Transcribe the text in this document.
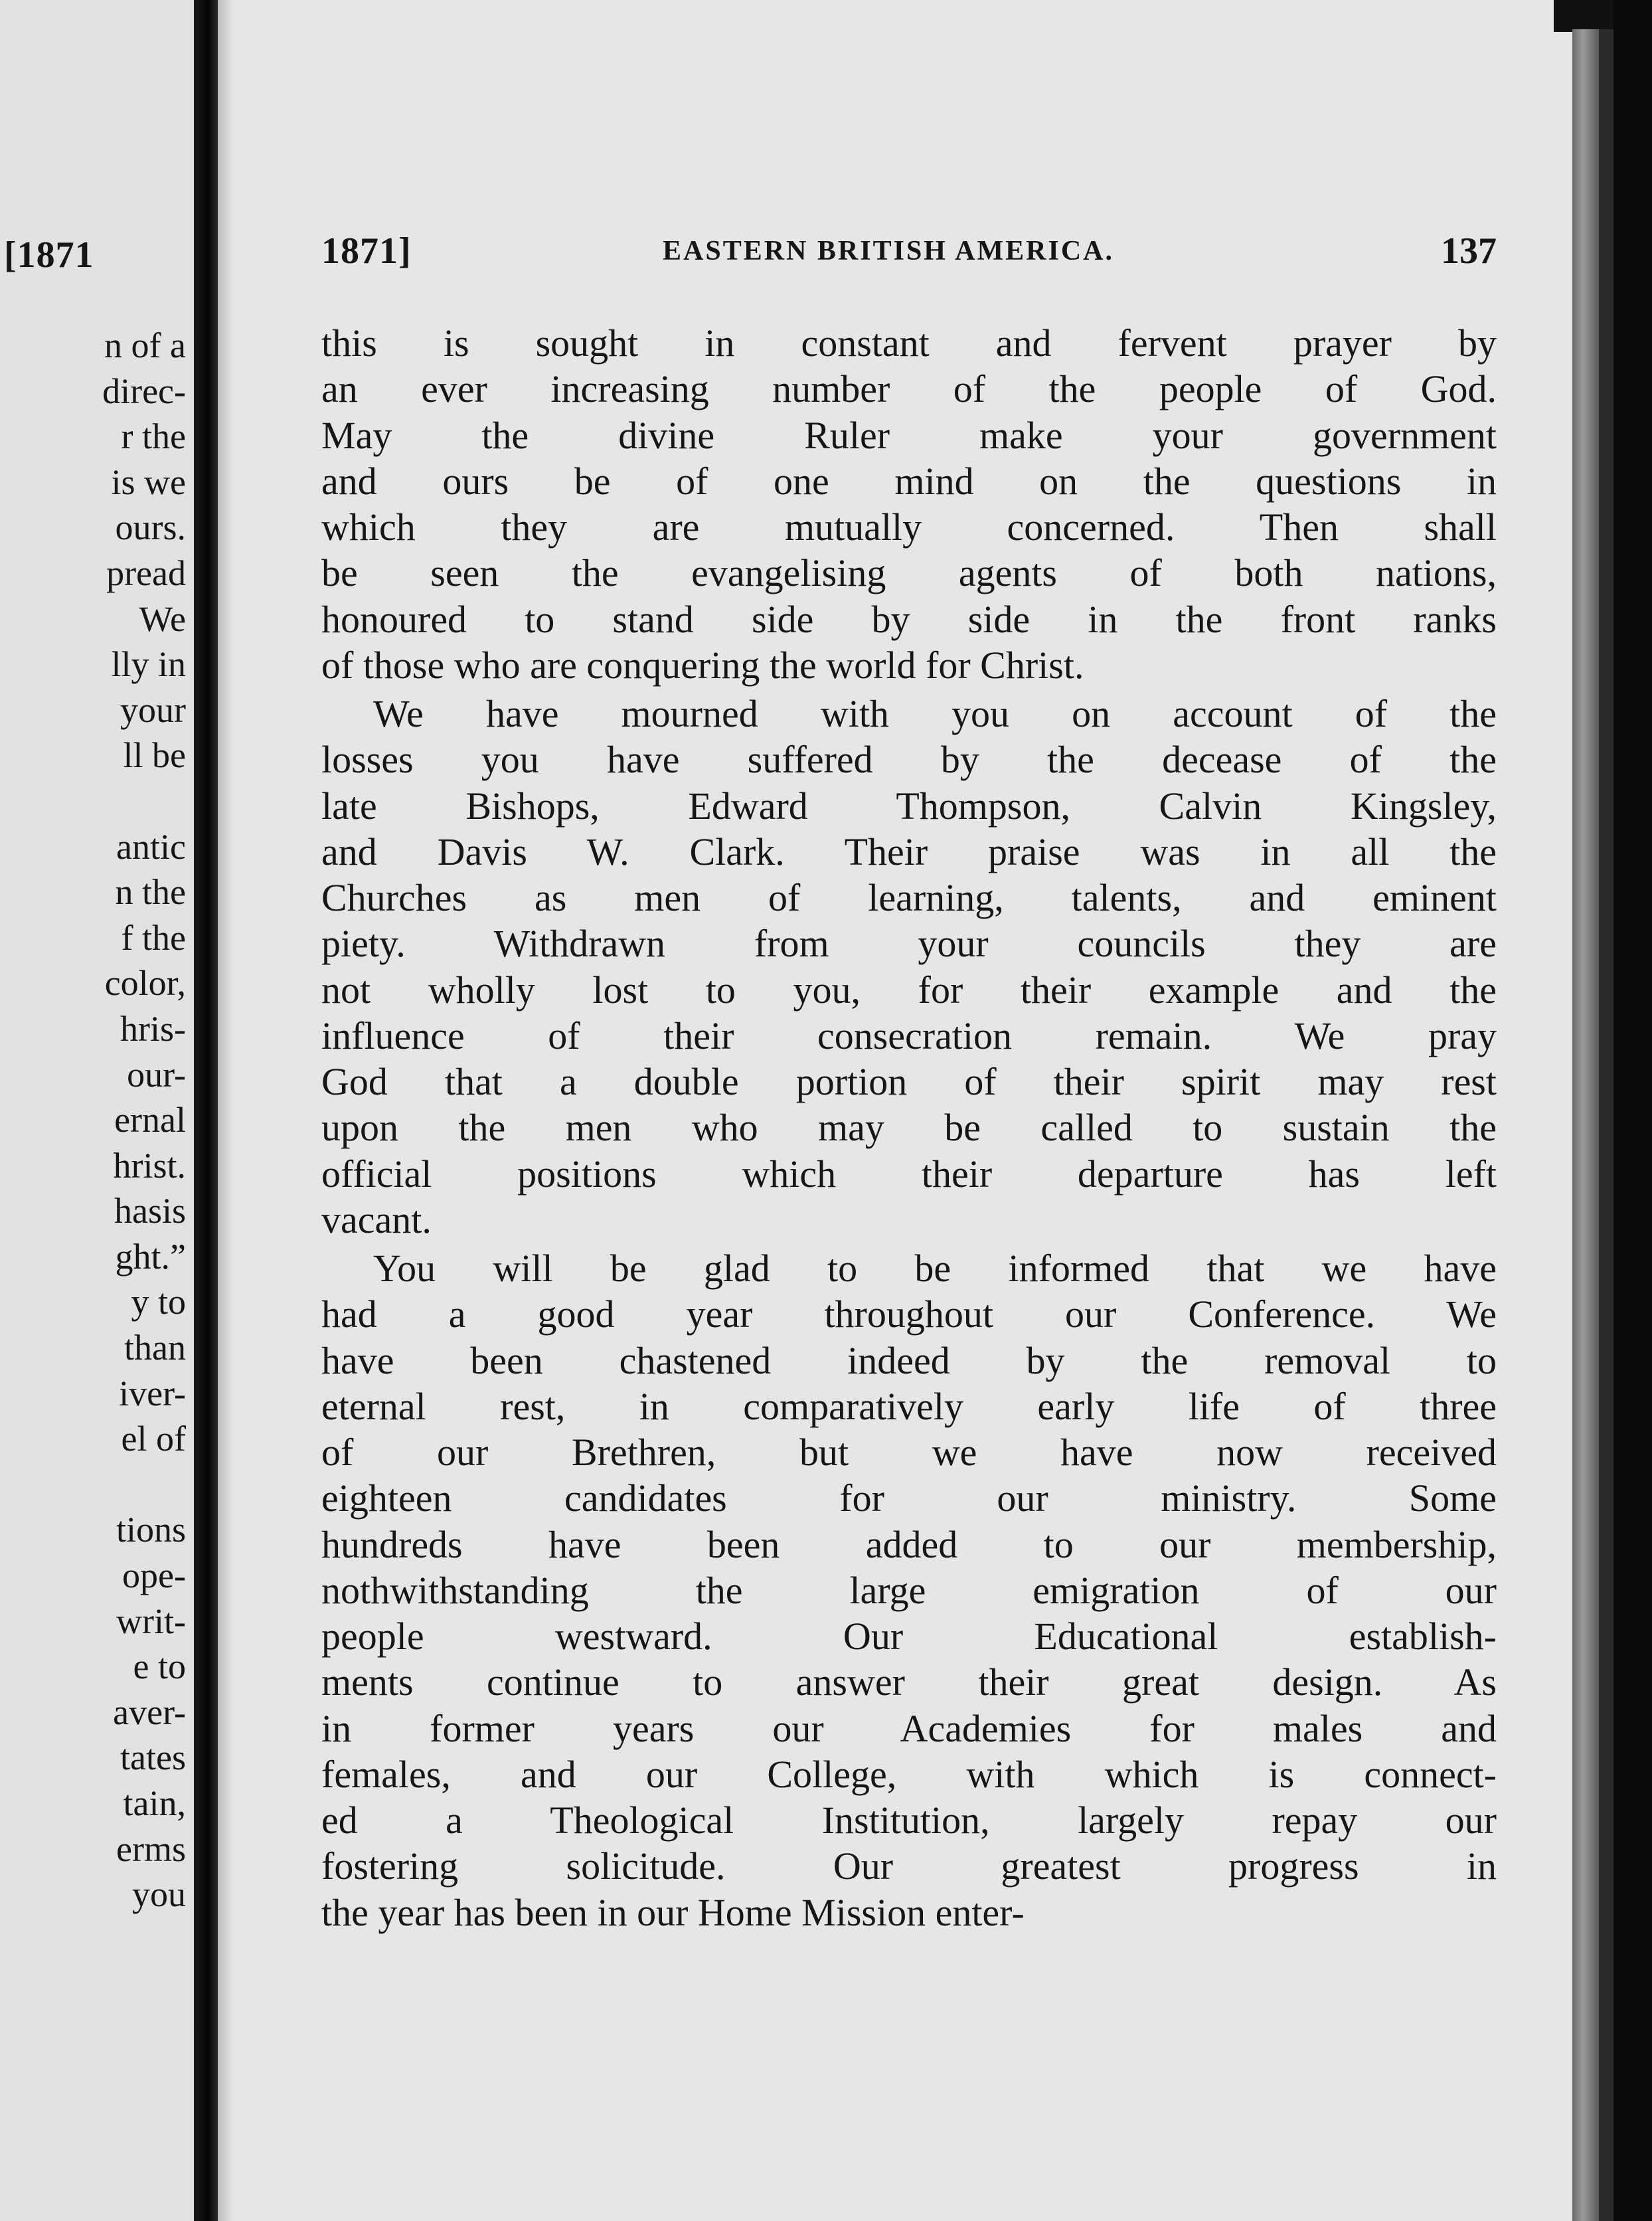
[1871
n of a
direc-
r the
is we
ours.
pread
We
lly in
your
ll be
antic
n the
f the
color,
hris-
our-
ernal
hrist.
hasis
ght.”
y to
than
iver-
el of
tions
ope-
writ-
e to
aver-
tates
tain,
erms
you
1871]	EASTERN BRITISH AMERICA.	137
this is sought in constant and fervent prayer by
an ever increasing number of the people of God.
May the divine Ruler make your government
and ours be of one mind on the questions in
which they are mutually concerned. Then shall
be seen the evangelising agents of both nations,
honoured to stand side by side in the front ranks
of those who are conquering the world for Christ.
We have mourned with you on account of the
losses you have suffered by the decease of the
late Bishops, Edward Thompson, Calvin Kingsley,
and Davis W. Clark. Their praise was in all the
Churches as men of learning, talents, and eminent
piety. Withdrawn from your councils they are
not wholly lost to you, for their example and the
influence of their consecration remain. We pray
God that a double portion of their spirit may rest
upon the men who may be called to sustain the
official positions which their departure has left
vacant.
You will be glad to be informed that we have
had a good year throughout our Conference. We
have been chastened indeed by the removal to
eternal rest, in comparatively early life of three
of our Brethren, but we have now received
eighteen candidates for our ministry. Some
hundreds have been added to our membership,
nothwithstanding the large emigration of our
people westward. Our Educational establish-
ments continue to answer their great design. As
in former years our Academies for males and
females, and our College, with which is connect-
ed a Theological Institution, largely repay our
fostering solicitude. Our greatest progress in
the year has been in our Home Mission enter-
